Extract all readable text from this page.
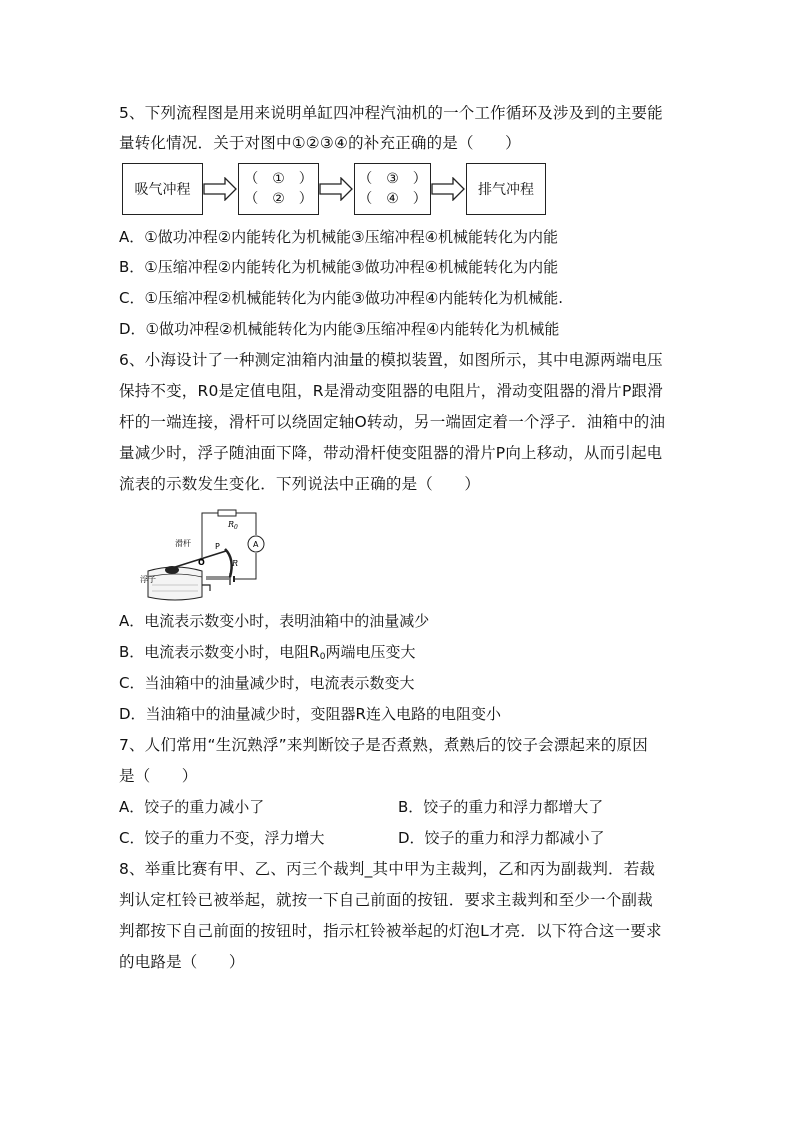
5、下列流程图是用来说明单缸四冲程汽油机的一个工作循环及涉及到的主要能
量转化情况．关于对图中①②③④的补充正确的是（　　）
吸气冲程
（　①　）
（　②　）
（　③　）
（　④　）
排气冲程
A．①做功冲程②内能转化为机械能③压缩冲程④机械能转化为内能
B．①压缩冲程②内能转化为机械能③做功冲程④机械能转化为内能
C．①压缩冲程②机械能转化为内能③做功冲程④内能转化为机械能.
D．①做功冲程②机械能转化为内能③压缩冲程④内能转化为机械能
6、小海设计了一种测定油箱内油量的模拟装置，如图所示，其中电源两端电压
保持不变，R0是定值电阻，R是滑动变阻器的电阻片，滑动变阻器的滑片P跟滑
杆的一端连接，滑杆可以绕固定轴O转动，另一端固定着一个浮子．油箱中的油
量减少时，浮子随油面下降，带动滑杆使变阻器的滑片P向上移动，从而引起电
流表的示数发生变化．下列说法中正确的是（　　）
$R_0$
A
滑杆
O
P
R
浮子
A．电流表示数变小时，表明油箱中的油量减少
B．电流表示数变小时，电阻$R_0$两端电压变大
C．当油箱中的油量减少时，电流表示数变大
D．当油箱中的油量减少时，变阻器R连入电路的电阻变小
7、人们常用“生沉熟浮”来判断饺子是否煮熟，煮熟后的饺子会漂起来的原因
是（　　）
A．饺子的重力减小了	B．饺子的重力和浮力都增大了
C．饺子的重力不变，浮力增大	D．饺子的重力和浮力都减小了
8、举重比赛有甲、乙、丙三个裁判_其中甲为主裁判，乙和丙为副裁判．若裁
判认定杠铃已被举起，就按一下自己前面的按钮．要求主裁判和至少一个副裁
判都按下自己前面的按钮时，指示杠铃被举起的灯泡L才亮．以下符合这一要求
的电路是（　　）
